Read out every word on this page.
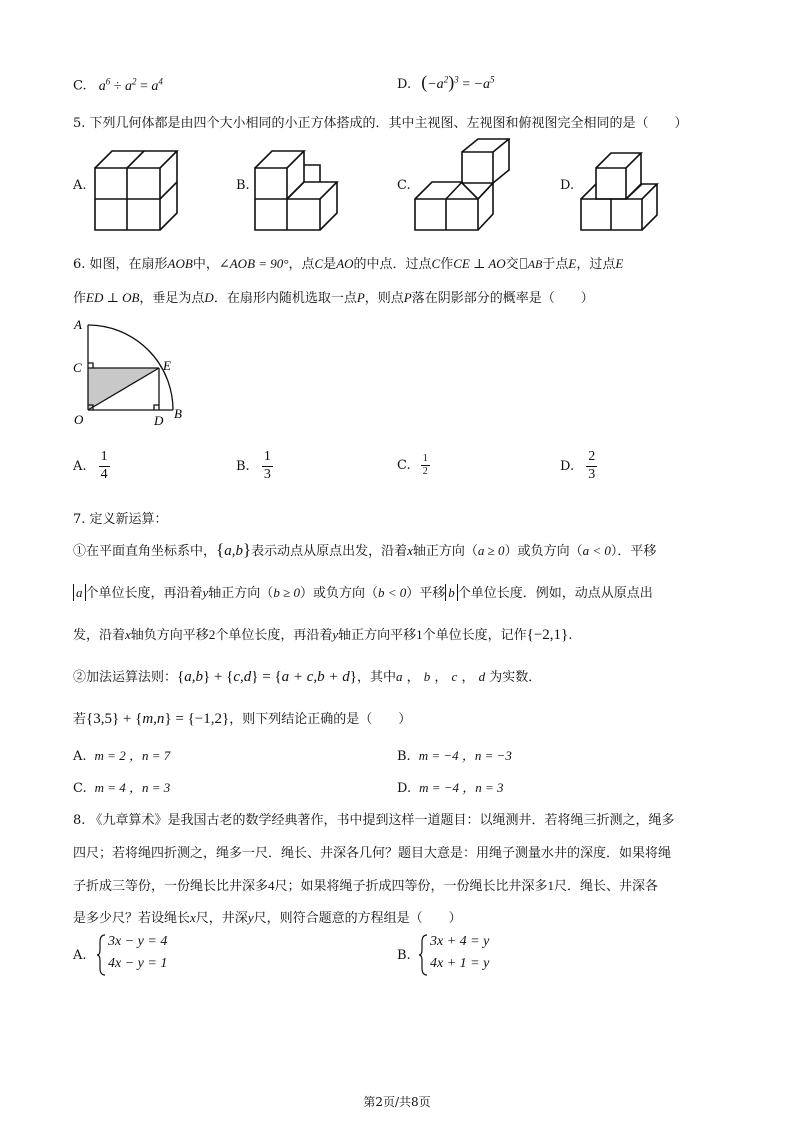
C. $a^6 \div a^2 = a^4$	D. $(-a^2)^3 = -a^5$
5. 下列几何体都是由四个大小相同的小正方体搭成的．其中主视图、左视图和俯视图完全相同的是（　　）
A.	B.	C.	D.
6. 如图，在扇形AOB中，∠AOB = 90°，点C是AO的中点．过点C作CE ⊥ AO交 AB于点E，过点E
作ED ⊥ OB，垂足为点D．在扇形内随机选取一点P，则点P落在阴影部分的概率是（　　）
A
C	E
O	D B
A. $\frac{1}{4}$	B. $\frac{1}{3}$	C. $\frac{1}{2}$	D. $\frac{2}{3}$
7. 定义新运算：
①在平面直角坐标系中，{a,b}表示动点从原点出发，沿着x轴正方向（a ≥ 0）或负方向（a < 0）．平移
a 个单位长度，再沿着y轴正方向（b ≥ 0）或负方向（b < 0）平移 b 个单位长度．例如，动点从原点出
发，沿着x轴负方向平移2个单位长度，再沿着y轴正方向平移1个单位长度，记作{−2,1}.
②加法运算法则：{a,b} + {c,d} = {a + c,b + d}，其中a ， b ， c ， d 为实数．
若{3,5} + {m,n} = {−1,2}，则下列结论正确的是（　　）
A. m = 2 ，n = 7	B. m = −4 ，n = −3
C. m = 4 ，n = 3	D. m = −4 ，n = 3
8. 《九章算术》是我国古老的数学经典著作，书中提到这样一道题目：以绳测井．若将绳三折测之，绳多
四尺；若将绳四折测之，绳多一尺．绳长、井深各几何？题目大意是：用绳子测量水井的深度．如果将绳
子折成三等份，一份绳长比井深多4尺；如果将绳子折成四等份，一份绳长比井深多1尺．绳长、井深各
是多少尺？若设绳长x尺，井深y尺，则符合题意的方程组是（　　）
A.
3x − y = 4
4x − y = 1
B.
3x + 4 = y
4x + 1 = y
第2页/共8页
